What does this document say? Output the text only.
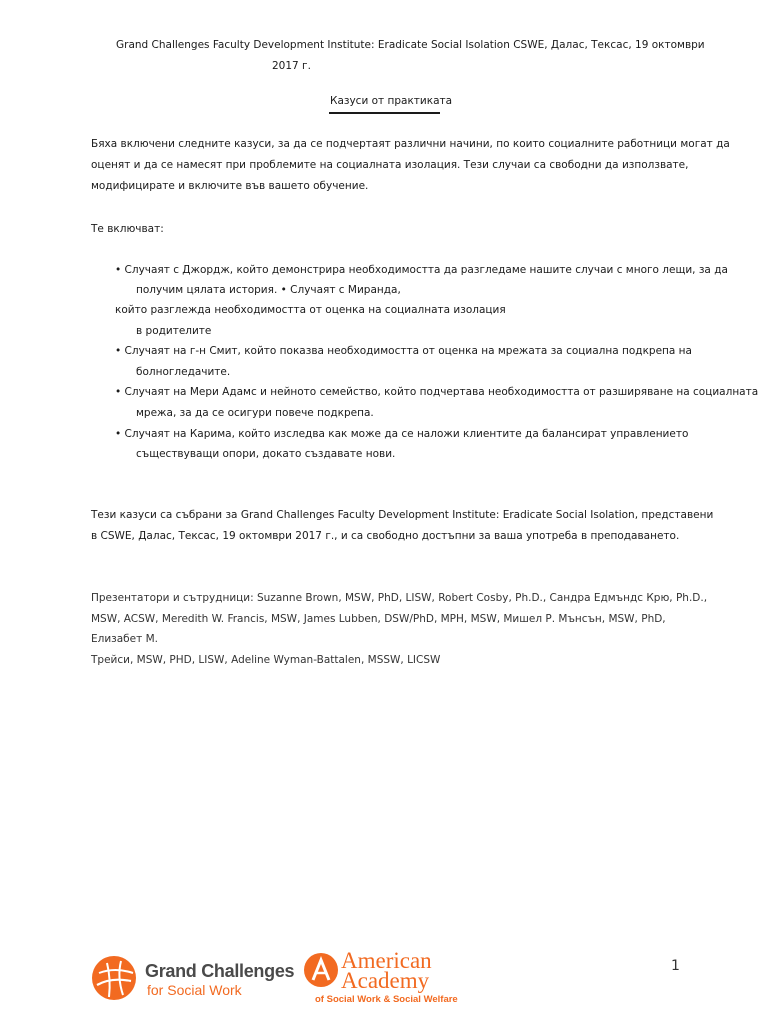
Grand Challenges Faculty Development Institute: Eradicate Social Isolation CSWE, Далас, Тексас, 19 октомври
2017 г.
Казуси от практиката
Бяха включени следните казуси, за да се подчертаят различни начини, по които социалните работници могат да
оценят и да се намесят при проблемите на социалната изолация. Тези случаи са свободни да използвате,
модифицирате и включите във вашето обучение.
Те включват:
• Случаят с Джордж, който демонстрира необходимостта да разгледаме нашите случаи с много лещи, за да
получим цялата история. • Случаят с Миранда,
който разглежда необходимостта от оценка на социалната изолация
в родителите
• Случаят на г-н Смит, който показва необходимостта от оценка на мрежата за социална подкрепа на
болногледачите.
• Случаят на Мери Адамс и нейното семейство, който подчертава необходимостта от разширяване на социалната
мрежа, за да се осигури повече подкрепа.
• Случаят на Карима, който изследва как може да се наложи клиентите да балансират управлението
съществуващи опори, докато създавате нови.
Тези казуси са събрани за Grand Challenges Faculty Development Institute: Eradicate Social Isolation, представени
в CSWE, Далас, Тексас, 19 октомври 2017 г., и са свободно достъпни за ваша употреба в преподаването.
Презентатори и сътрудници: Suzanne Brown, MSW, PhD, LISW, Robert Cosby, Ph.D., Сандра Едмъндс Крю, Ph.D.,
MSW, ACSW, Meredith W. Francis, MSW, James Lubben, DSW/PhD, MPH, MSW, Мишел Р. Мънсън, MSW, PhD,
Елизабет М.
Трейси, MSW, PHD, LISW, Adeline Wyman-Battalen, MSSW, LICSW
Grand Challenges
for Social Work
American
Academy
of Social Work & Social Welfare
1
